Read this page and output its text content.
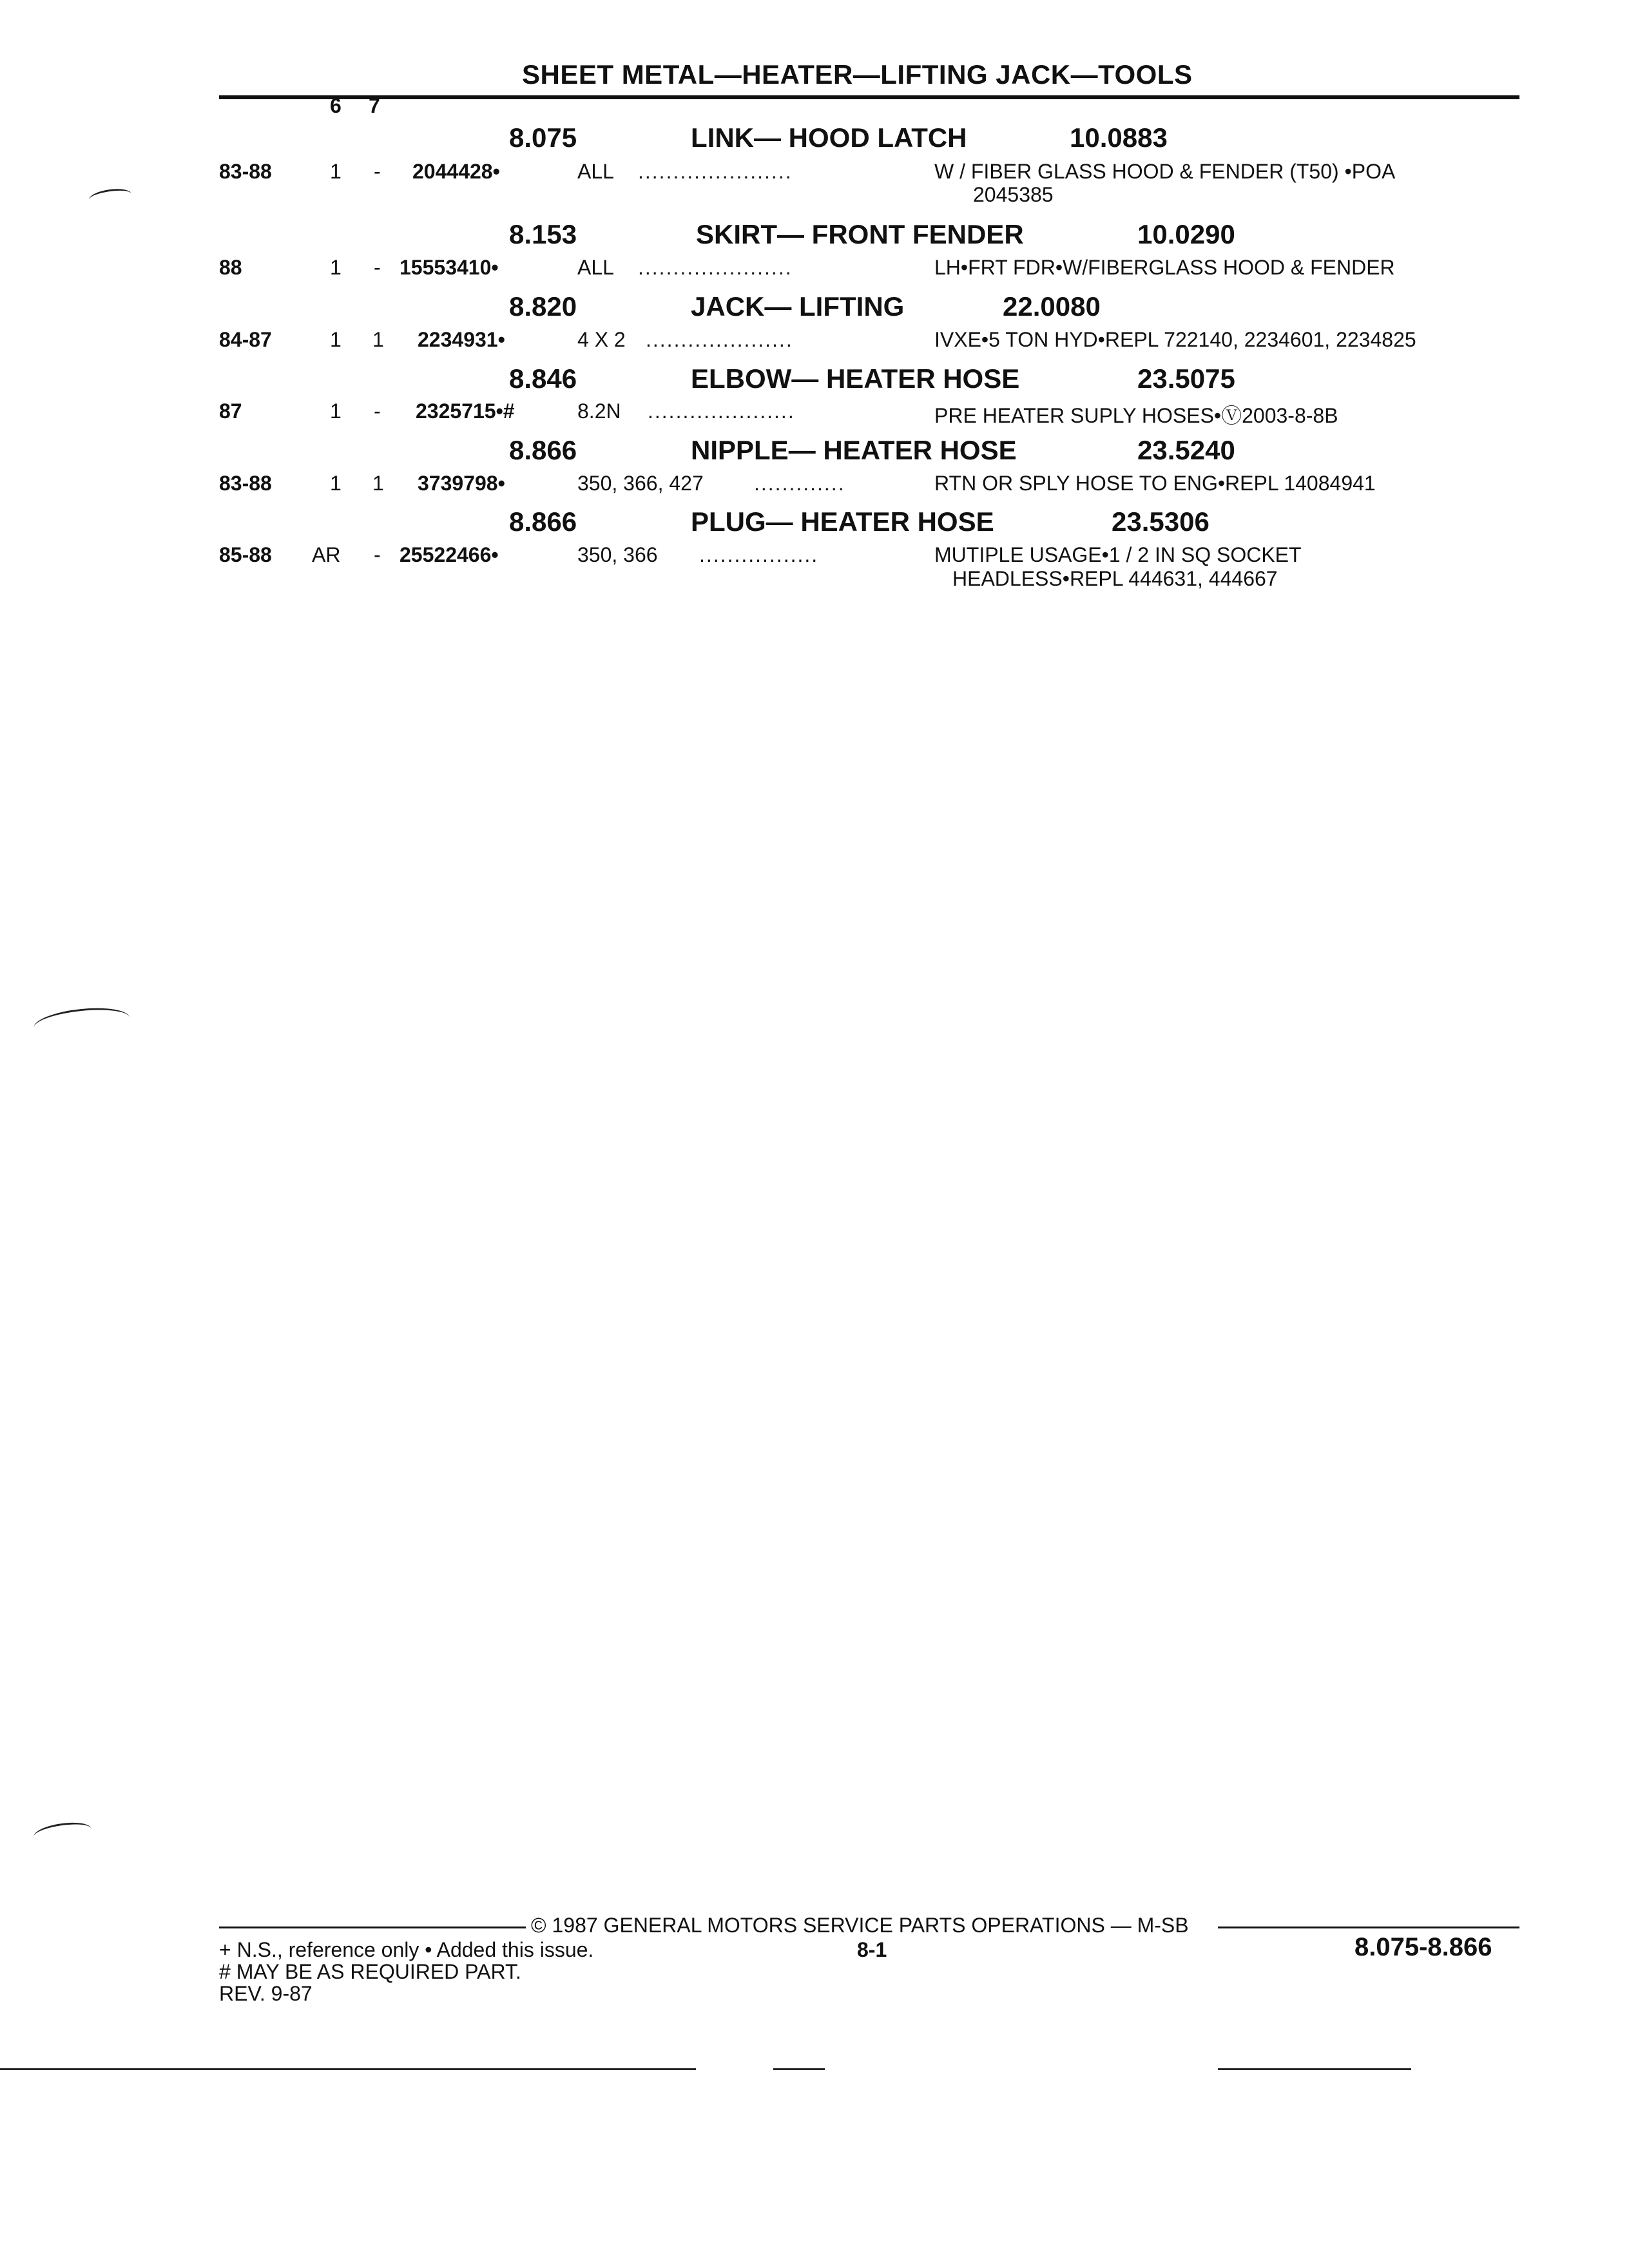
SHEET METAL—HEATER—LIFTING JACK—TOOLS
6 7
8.075	LINK— HOOD LATCH	10.0883
83-88	1 - 2044428•	ALL ......................	W / FIBER GLASS HOOD & FENDER (T50) •POA
2045385
8.153	SKIRT— FRONT FENDER	10.0290
88	1 - 15553410•	ALL ......................	LH•FRT FDR•W/FIBERGLASS HOOD & FENDER
8.820	JACK— LIFTING	22.0080
84-87	1 1 2234931•	4 X 2 .....................	IVXE•5 TON HYD•REPL 722140, 2234601, 2234825
8.846	ELBOW— HEATER HOSE	23.5075
87	1 - 2325715•#	8.2N .....................	PRE HEATER SUPLY HOSES•Ⓥ2003-8-8B
8.866	NIPPLE— HEATER HOSE	23.5240
83-88	1 1 3739798•	350, 366, 427 .............	RTN OR SPLY HOSE TO ENG•REPL 14084941
8.866	PLUG— HEATER HOSE	23.5306
85-88 AR - 25522466•	350, 366 .................	MUTIPLE USAGE•1 / 2 IN SQ SOCKET
HEADLESS•REPL 444631, 444667
© 1987 GENERAL MOTORS SERVICE PARTS OPERATIONS — M-SB
+ N.S., reference only • Added this issue.
# MAY BE AS REQUIRED PART.
REV. 9-87
8-1	8.075-8.866
